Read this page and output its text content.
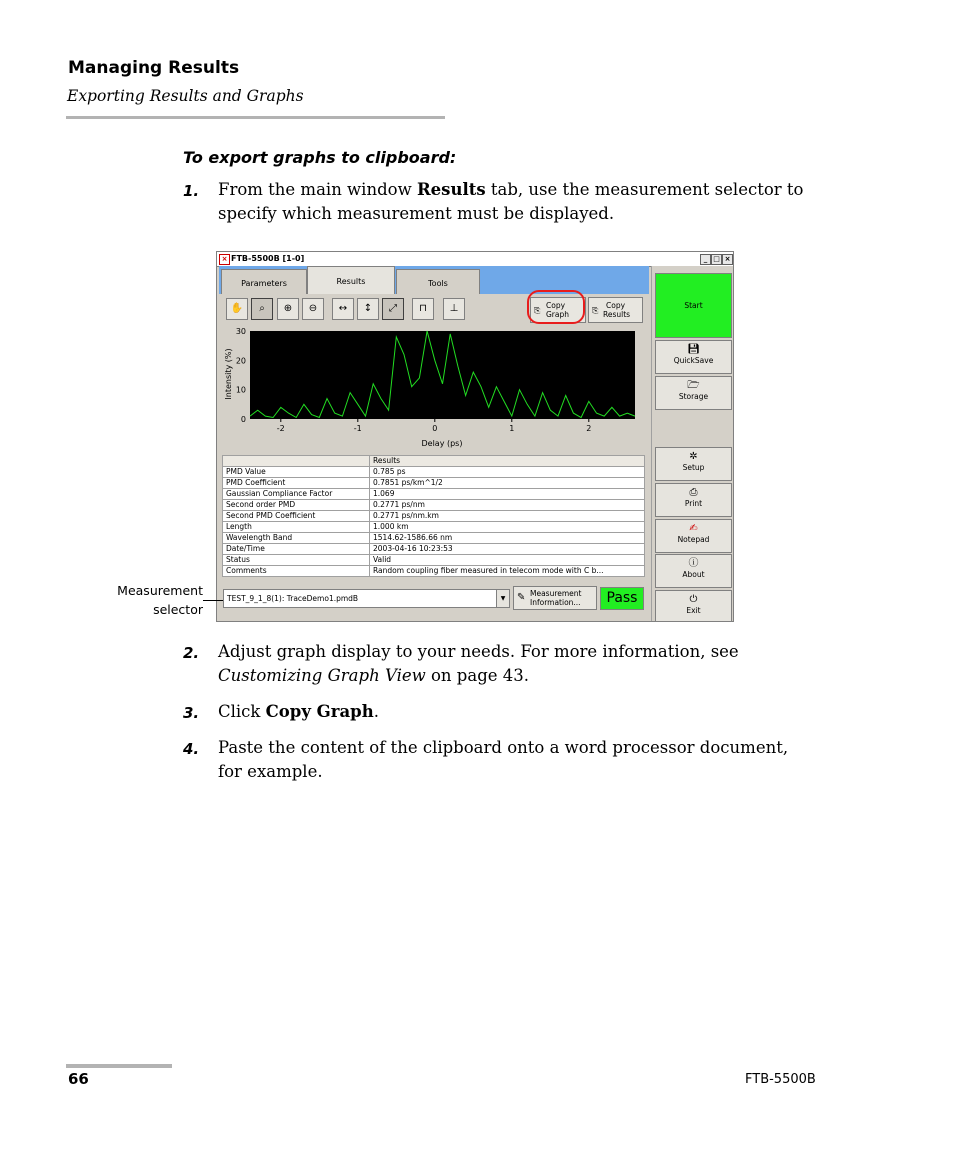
Managing Results
Exporting Results and Graphs
To export graphs to clipboard:
1. From the main window Results tab, use the measurement selector to
specify which measurement must be displayed.
× FTB-5500B [1-0]	_ □ ×
Parameters	Results	Tools
✋	⌕	⊕	⊖	↔	↕	⤢	⊓	⊥	⎘
Copy
Graph	⎘
Copy
Results
-2	-1	0	1	2
0
10
20
30
Intensity (%)
Delay (ps)
	Results
PMD Value	0.785 ps
PMD Coefficient	0.7851 ps/km^1/2
Gaussian Compliance Factor	1.069
Second order PMD	0.2771 ps/nm
Second PMD Coefficient	0.2771 ps/nm.km
Length	1.000 km
Wavelength Band	1514.62-1586.66 nm
Date/Time	2003-04-16 10:23:53
Status	Valid
Comments	Random coupling fiber measured in telecom mode with C b...
TEST_9_1_8(1): TraceDemo1.pmdB	▼	✎ Measurement
Information...	Pass
Start
💾︎
QuickSave
🗁
Storage
✲
Setup
⎙
Print
✍
Notepad
ⓘ
About
⏻
Exit
Measurement
selector
2. Adjust graph display to your needs. For more information, see
Customizing Graph View on page 43.
3. Click Copy Graph.
4. Paste the content of the clipboard onto a word processor document,
for example.
66	FTB-5500B
